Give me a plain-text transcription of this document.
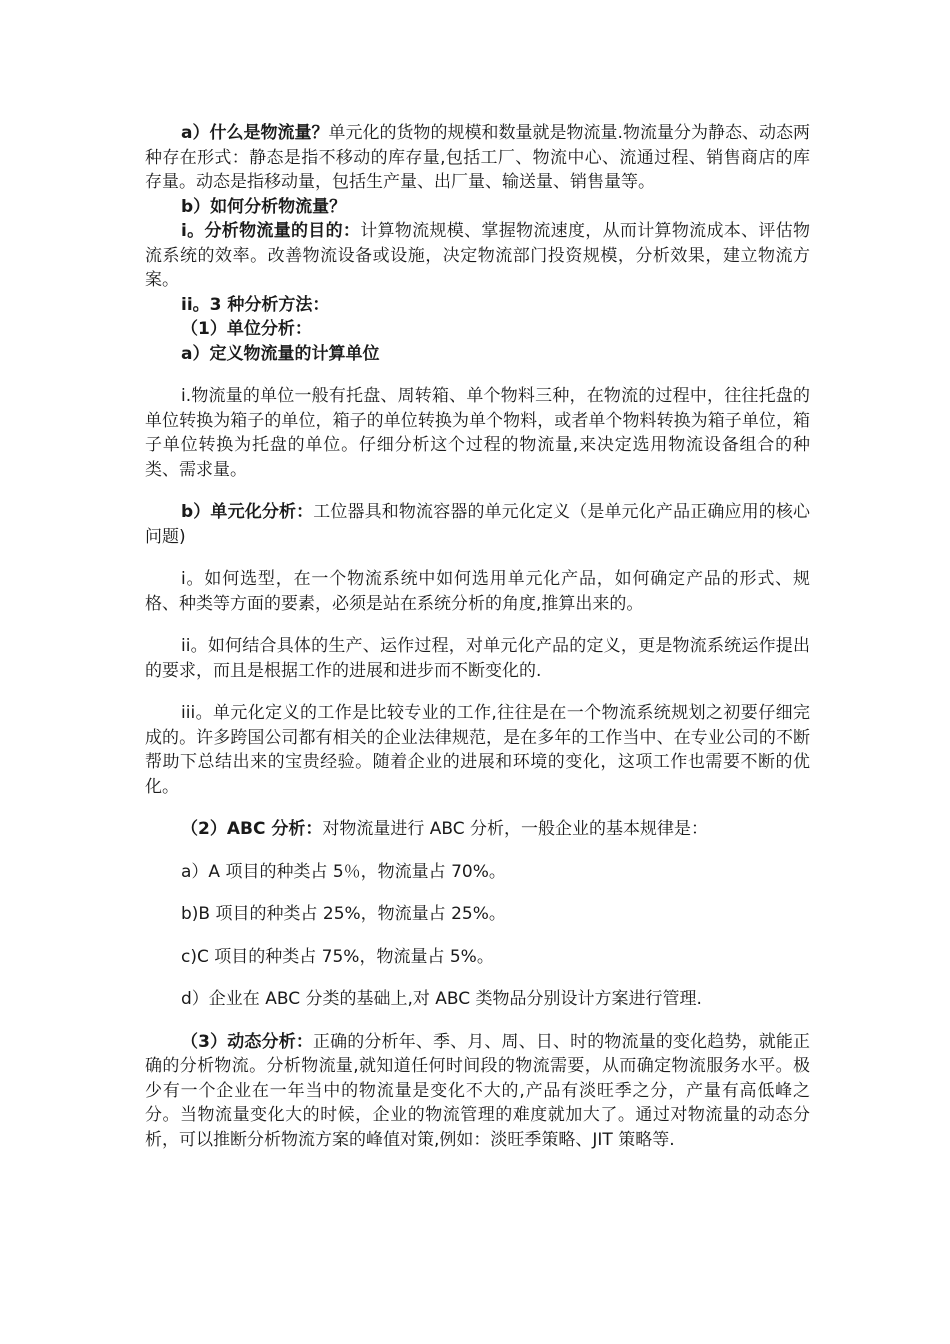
a）什么是物流量？单元化的货物的规模和数量就是物流量.物流量分为静态、动态两种存在形式：静态是指不移动的库存量,包括工厂、物流中心、流通过程、销售商店的库存量。动态是指移动量，包括生产量、出厂量、输送量、销售量等。

b）如何分析物流量？

i。分析物流量的目的：计算物流规模、掌握物流速度，从而计算物流成本、评估物流系统的效率。改善物流设备或设施，决定物流部门投资规模，分析效果，建立物流方案。

ii。3 种分析方法：

（1）单位分析：

a）定义物流量的计算单位

i.物流量的单位一般有托盘、周转箱、单个物料三种，在物流的过程中，往往托盘的单位转换为箱子的单位，箱子的单位转换为单个物料，或者单个物料转换为箱子单位，箱子单位转换为托盘的单位。仔细分析这个过程的物流量,来决定选用物流设备组合的种类、需求量。

b）单元化分析：工位器具和物流容器的单元化定义（是单元化产品正确应用的核心问题)

i。如何选型，在一个物流系统中如何选用单元化产品，如何确定产品的形式、规格、种类等方面的要素，必须是站在系统分析的角度,推算出来的。

ii。如何结合具体的生产、运作过程，对单元化产品的定义，更是物流系统运作提出的要求，而且是根据工作的进展和进步而不断变化的.

iii。单元化定义的工作是比较专业的工作,往往是在一个物流系统规划之初要仔细完成的。许多跨国公司都有相关的企业法律规范，是在多年的工作当中、在专业公司的不断帮助下总结出来的宝贵经验。随着企业的进展和环境的变化，这项工作也需要不断的优化。

（2）ABC 分析：对物流量进行 ABC 分析，一般企业的基本规律是：

a）A 项目的种类占 5％，物流量占 70%。

b)B 项目的种类占 25%，物流量占 25%。

c)C 项目的种类占 75%，物流量占 5%。

d）企业在 ABC 分类的基础上,对 ABC 类物品分别设计方案进行管理.

（3）动态分析：正确的分析年、季、月、周、日、时的物流量的变化趋势，就能正确的分析物流。分析物流量,就知道任何时间段的物流需要，从而确定物流服务水平。极少有一个企业在一年当中的物流量是变化不大的,产品有淡旺季之分，产量有高低峰之分。当物流量变化大的时候，企业的物流管理的难度就加大了。通过对物流量的动态分析，可以推断分析物流方案的峰值对策,例如：淡旺季策略、JIT 策略等.
